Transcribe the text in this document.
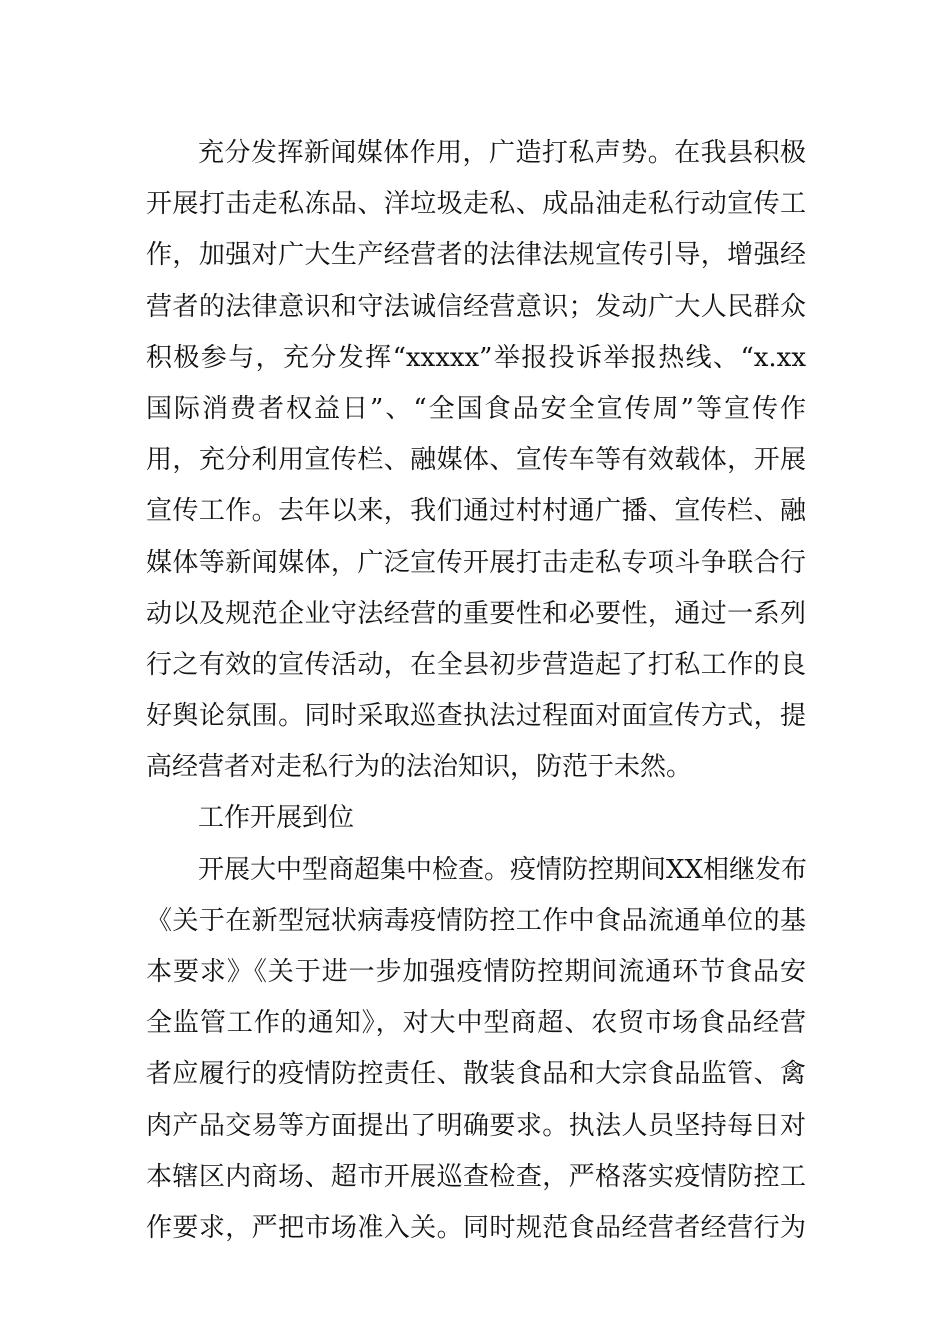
充分发挥新闻媒体作用，广造打私声势。在我县积极
开展打击走私冻品、洋垃圾走私、成品油走私行动宣传工
作，加强对广大生产经营者的法律法规宣传引导，增强经
营者的法律意识和守法诚信经营意识；发动广大人民群众
积极参与，充分发挥“xxxxx”举报投诉举报热线、“x.xx
国际消费者权益日”、“全国食品安全宣传周”等宣传作
用，充分利用宣传栏、融媒体、宣传车等有效载体，开展
宣传工作。去年以来，我们通过村村通广播、宣传栏、融
媒体等新闻媒体，广泛宣传开展打击走私专项斗争联合行
动以及规范企业守法经营的重要性和必要性，通过一系列
行之有效的宣传活动，在全县初步营造起了打私工作的良
好舆论氛围。同时采取巡查执法过程面对面宣传方式，提
高经营者对走私行为的法治知识，防范于未然。
工作开展到位
开展大中型商超集中检查。疫情防控期间XX相继发布
《关于在新型冠状病毒疫情防控工作中食品流通单位的基
本要求》《关于进一步加强疫情防控期间流通环节食品安
全监管工作的通知》，对大中型商超、农贸市场食品经营
者应履行的疫情防控责任、散装食品和大宗食品监管、禽
肉产品交易等方面提出了明确要求。执法人员坚持每日对
本辖区内商场、超市开展巡查检查，严格落实疫情防控工
作要求，严把市场准入关。同时规范食品经营者经营行为
